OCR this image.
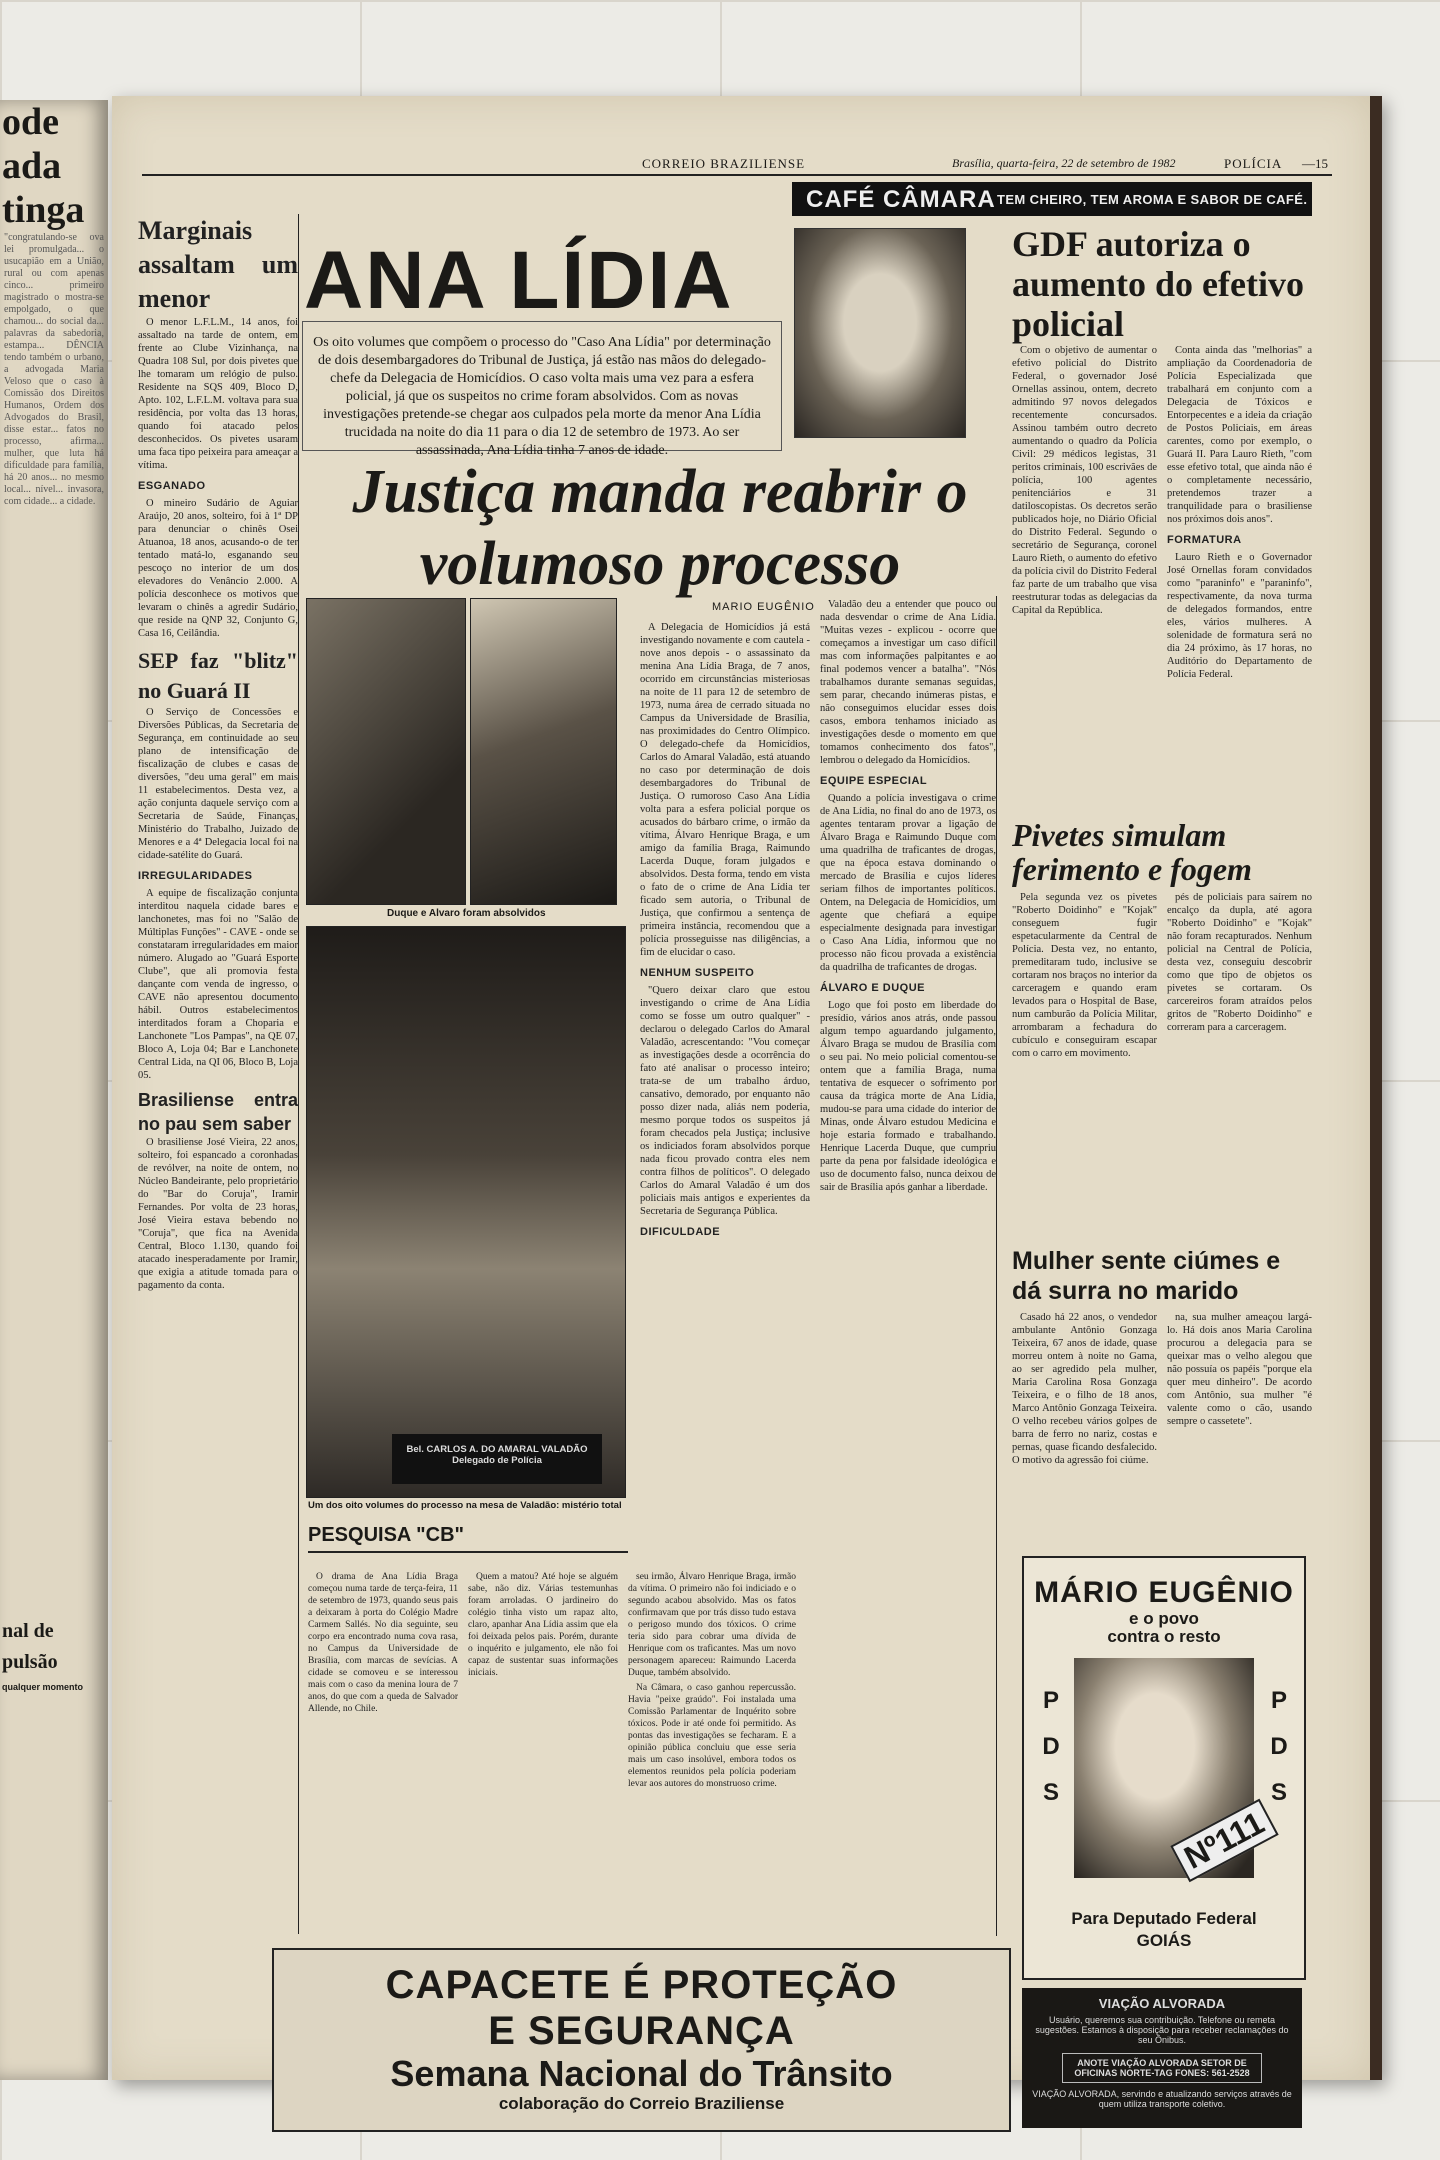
ode
ada
tinga
"congratulando-se ova lei promulgada... o usucapião em a União, rural ou com apenas cinco... primeiro magistrado o mostra-se empolgado, o que chamou... do social da... palavras da sabedoria, estampa... DÊNCIA tendo também o urbano, a advogada Maria Veloso que o caso à Comissão dos Direitos Humanos, Ordem dos Advogados do Brasil, disse estar... fatos no processo, afirma... mulher, que luta há dificuldade para família, há 20 anos... no mesmo local... nível... invasora, com cidade... a cidade.
nal de
pulsão
qualquer momento
CORREIO BRAZILIENSE	Brasília, quarta-feira, 22 de setembro de 1982	POLÍCIA —15
Marginais assaltam um menor

O menor L.F.L.M., 14 anos, foi assaltado na tarde de ontem, em frente ao Clube Vizinhança, na Quadra 108 Sul, por dois pivetes que lhe tomaram um relógio de pulso. Residente na SQS 409, Bloco D, Apto. 102, L.F.L.M. voltava para sua residência, por volta das 13 horas, quando foi atacado pelos desconhecidos. Os pivetes usaram uma faca tipo peixeira para ameaçar a vítima.

ESGANADO

O mineiro Sudário de Aguiar Araújo, 20 anos, solteiro, foi à 1ª DP para denunciar o chinês Osei Atuanoa, 18 anos, acusando-o de ter tentado matá-lo, esganando seu pescoço no interior de um dos elevadores do Venâncio 2.000. A polícia desconhece os motivos que levaram o chinês a agredir Sudário, que reside na QNP 32, Conjunto G, Casa 16, Ceilândia.

SEP faz "blitz" no Guará II

O Serviço de Concessões e Diversões Públicas, da Secretaria de Segurança, em continuidade ao seu plano de intensificação de fiscalização de clubes e casas de diversões, "deu uma geral" em mais 11 estabelecimentos. Desta vez, a ação conjunta daquele serviço com a Secretaria de Saúde, Finanças, Ministério do Trabalho, Juizado de Menores e a 4ª Delegacia local foi na cidade-satélite do Guará.

IRREGULARIDADES

A equipe de fiscalização conjunta interditou naquela cidade bares e lanchonetes, mas foi no "Salão de Múltiplas Funções" - CAVE - onde se constataram irregularidades em maior número. Alugado ao "Guará Esporte Clube", que ali promovia festa dançante com venda de ingresso, o CAVE não apresentou documento hábil. Outros estabelecimentos interditados foram a Choparia e Lanchonete "Los Pampas", na QE 07, Bloco A, Loja 04; Bar e Lanchonete Central Lida, na QI 06, Bloco B, Loja 05.

Brasiliense entra no pau sem saber

O brasiliense José Vieira, 22 anos, solteiro, foi espancado a coronhadas de revólver, na noite de ontem, no Núcleo Bandeirante, pelo proprietário do "Bar do Coruja", Iramir Fernandes. Por volta de 23 horas, José Vieira estava bebendo no "Coruja", que fica na Avenida Central, Bloco 1.130, quando foi atacado inesperadamente por Iramir, que exigia a atitude tomada para o pagamento da conta.

CAFÉ CÂMARA TEM CHEIRO, TEM AROMA E SABOR DE CAFÉ.
ANA LÍDIA
Os oito volumes que compõem o processo do "Caso Ana Lídia" por determinação de dois desembargadores do Tribunal de Justiça, já estão nas mãos do delegado-chefe da Delegacia de Homicídios. O caso volta mais uma vez para a esfera policial, já que os suspeitos no crime foram absolvidos. Com as novas investigações pretende-se chegar aos culpados pela morte da menor Ana Lídia trucidada na noite do dia 11 para o dia 12 de setembro de 1973. Ao ser assassinada, Ana Lídia tinha 7 anos de idade.
Justiça manda reabrir o volumoso processo
Duque e Alvaro foram absolvidos
Bel. CARLOS A. DO AMARAL VALADÃO Delegado de Polícia
Um dos oito volumes do processo na mesa de Valadão: mistério total
MARIO EUGÊNIO

A Delegacia de Homicídios já está investigando novamente e com cautela - nove anos depois - o assassinato da menina Ana Lídia Braga, de 7 anos, ocorrido em circunstâncias misteriosas na noite de 11 para 12 de setembro de 1973, numa área de cerrado situada no Campus da Universidade de Brasília, nas proximidades do Centro Olímpico. O delegado-chefe da Homicídios, Carlos do Amaral Valadão, está atuando no caso por determinação de dois desembargadores do Tribunal de Justiça. O rumoroso Caso Ana Lídia volta para a esfera policial porque os acusados do bárbaro crime, o irmão da vítima, Álvaro Henrique Braga, e um amigo da família Braga, Raimundo Lacerda Duque, foram julgados e absolvidos. Desta forma, tendo em vista o fato de o crime de Ana Lídia ter ficado sem autoria, o Tribunal de Justiça, que confirmou a sentença de primeira instância, recomendou que a polícia prosseguisse nas diligências, a fim de elucidar o caso.

NENHUM SUSPEITO

"Quero deixar claro que estou investigando o crime de Ana Lídia como se fosse um outro qualquer" - declarou o delegado Carlos do Amaral Valadão, acrescentando: "Vou começar as investigações desde a ocorrência do fato até analisar o processo inteiro; trata-se de um trabalho árduo, cansativo, demorado, por enquanto não posso dizer nada, aliás nem poderia, mesmo porque todos os suspeitos já foram checados pela Justiça; inclusive os indiciados foram absolvidos porque nada ficou provado contra eles nem contra filhos de políticos". O delegado Carlos do Amaral Valadão é um dos policiais mais antigos e experientes da Secretaria de Segurança Pública.

DIFICULDADE

Valadão deu a entender que pouco ou nada desvendar o crime de Ana Lídia. "Muitas vezes - explicou - ocorre que começamos a investigar um caso difícil mas com informações palpitantes e ao final podemos vencer a batalha". "Nós trabalhamos durante semanas seguidas, sem parar, checando inúmeras pistas, e não conseguimos elucidar esses dois casos, embora tenhamos iniciado as investigações desde o momento em que tomamos conhecimento dos fatos", lembrou o delegado da Homicídios.

EQUIPE ESPECIAL

Quando a polícia investigava o crime de Ana Lídia, no final do ano de 1973, os agentes tentaram provar a ligação de Álvaro Braga e Raimundo Duque com uma quadrilha de traficantes de drogas, que na época estava dominando o mercado de Brasília e cujos líderes seriam filhos de importantes políticos. Ontem, na Delegacia de Homicídios, um agente que chefiará a equipe especialmente designada para investigar o Caso Ana Lídia, informou que no processo não ficou provada a existência da quadrilha de traficantes de drogas.

ÁLVARO E DUQUE

Logo que foi posto em liberdade do presídio, vários anos atrás, onde passou algum tempo aguardando julgamento, Álvaro Braga se mudou de Brasília com o seu pai. No meio policial comentou-se ontem que a família Braga, numa tentativa de esquecer o sofrimento por causa da trágica morte de Ana Lídia, mudou-se para uma cidade do interior de Minas, onde Álvaro estudou Medicina e hoje estaria formado e trabalhando. Henrique Lacerda Duque, que cumpriu parte da pena por falsidade ideológica e uso de documento falso, nunca deixou de sair de Brasília após ganhar a liberdade.

PESQUISA "CB"

O drama de Ana Lídia Braga começou numa tarde de terça-feira, 11 de setembro de 1973, quando seus pais a deixaram à porta do Colégio Madre Carmem Sallés. No dia seguinte, seu corpo era encontrado numa cova rasa, no Campus da Universidade de Brasília, com marcas de sevícias. A cidade se comoveu e se interessou mais com o caso da menina loura de 7 anos, do que com a queda de Salvador Allende, no Chile.

Quem a matou? Até hoje se alguém sabe, não diz. Várias testemunhas foram arroladas. O jardineiro do colégio tinha visto um rapaz alto, claro, apanhar Ana Lídia assim que ela foi deixada pelos pais. Porém, durante o inquérito e julgamento, ele não foi capaz de sustentar suas informações iniciais.

seu irmão, Álvaro Henrique Braga, irmão da vítima. O primeiro não foi indiciado e o segundo acabou absolvido. Mas os fatos confirmavam que por trás disso tudo estava o perigoso mundo dos tóxicos. O crime teria sido para cobrar uma dívida de Henrique com os traficantes. Mas um novo personagem apareceu: Raimundo Lacerda Duque, também absolvido.

Na Câmara, o caso ganhou repercussão. Havia "peixe graúdo". Foi instalada uma Comissão Parlamentar de Inquérito sobre tóxicos. Pode ir até onde foi permitido. As pontas das investigações se fecharam. E a opinião pública concluiu que esse seria mais um caso insolúvel, embora todos os elementos reunidos pela polícia poderiam levar aos autores do monstruoso crime.

GDF autoriza o aumento do efetivo policial

Com o objetivo de aumentar o efetivo policial do Distrito Federal, o governador José Ornellas assinou, ontem, decreto admitindo 97 novos delegados recentemente concursados. Assinou também outro decreto aumentando o quadro da Polícia Civil: 29 médicos legistas, 31 peritos criminais, 100 escrivães de polícia, 100 agentes penitenciários e 31 datiloscopistas. Os decretos serão publicados hoje, no Diário Oficial do Distrito Federal. Segundo o secretário de Segurança, coronel Lauro Rieth, o aumento do efetivo da polícia civil do Distrito Federal faz parte de um trabalho que visa reestruturar todas as delegacias da Capital da República.

Conta ainda das "melhorias" a ampliação da Coordenadoria de Polícia Especializada que trabalhará em conjunto com a Delegacia de Tóxicos e Entorpecentes e a ideia da criação de Postos Policiais, em áreas carentes, como por exemplo, o Guará II. Para Lauro Rieth, "com esse efetivo total, que ainda não é o completamente necessário, pretendemos trazer a tranquilidade para o brasiliense nos próximos dois anos".

FORMATURA

Lauro Rieth e o Governador José Ornellas foram convidados como "paraninfo" e "paraninfo", respectivamente, da nova turma de delegados formandos, entre eles, vários mulheres. A solenidade de formatura será no dia 24 próximo, às 17 horas, no Auditório do Departamento de Polícia Federal.

Pivetes simulam ferimento e fogem

Pela segunda vez os pivetes "Roberto Doidinho" e "Kojak" conseguem fugir espetacularmente da Central de Polícia. Desta vez, no entanto, premeditaram tudo, inclusive se cortaram nos braços no interior da carceragem e quando eram levados para o Hospital de Base, num camburão da Polícia Militar, arrombaram a fechadura do cubículo e conseguiram escapar com o carro em movimento.

pés de policiais para saírem no encalço da dupla, até agora "Roberto Doidinho" e "Kojak" não foram recapturados. Nenhum policial na Central de Polícia, desta vez, conseguiu descobrir como que tipo de objetos os pivetes se cortaram. Os carcereiros foram atraídos pelos gritos de "Roberto Doidinho" e correram para a carceragem.

Mulher sente ciúmes e dá surra no marido

Casado há 22 anos, o vendedor ambulante Antônio Gonzaga Teixeira, 67 anos de idade, quase morreu ontem à noite no Gama, ao ser agredido pela mulher, Maria Carolina Rosa Gonzaga Teixeira, e o filho de 18 anos, Marco Antônio Gonzaga Teixeira. O velho recebeu vários golpes de barra de ferro no nariz, costas e pernas, quase ficando desfalecido. O motivo da agressão foi ciúme.

na, sua mulher ameaçou largá-lo. Há dois anos Maria Carolina procurou a delegacia para se queixar mas o velho alegou que não possuía os papéis "porque ela quer meu dinheiro". De acordo com Antônio, sua mulher "é valente como o cão, usando sempre o cassetete".

MÁRIO EUGÊNIO
e o povo
contra o resto
P
D
S
P
D
S
Nº111
Para Deputado Federal
GOIÁS
VIAÇÃO ALVORADA
Usuário, queremos sua contribuição. Telefone ou remeta sugestões. Estamos à disposição para receber reclamações do seu Ônibus.
ANOTE VIAÇÃO ALVORADA SETOR DE OFICINAS NORTE-TAG FONES: 561-2528
VIAÇÃO ALVORADA, servindo e atualizando serviços através de quem utiliza transporte coletivo.
CAPACETE É PROTEÇÃO
E SEGURANÇA
Semana Nacional do Trânsito
colaboração do Correio Braziliense
